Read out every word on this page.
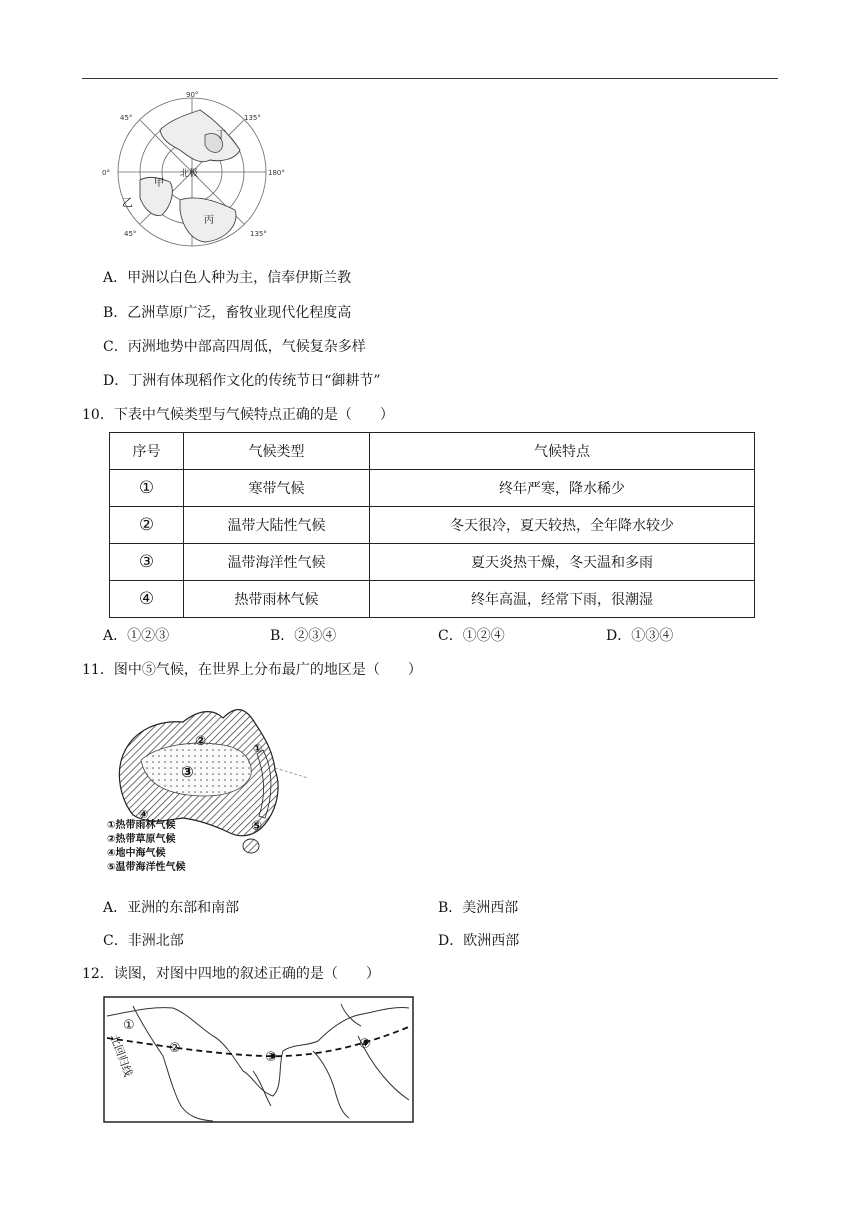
90°
45°	135°
0°	180°
45°	135°
丁
甲
乙
丙
北极
A．甲洲以白色人种为主，信奉伊斯兰教
B．乙洲草原广泛，畜牧业现代化程度高
C．丙洲地势中部高四周低，气候复杂多样
D．丁洲有体现稻作文化的传统节日“御耕节”
10．下表中气候类型与气候特点正确的是（　　）
序号	气候类型	气候特点
①	寒带气候	终年严寒，降水稀少
②	温带大陆性气候	冬天很冷，夏天较热，全年降水较少
③	温带海洋性气候	夏天炎热干燥，冬天温和多雨
④	热带雨林气候	终年高温，经常下雨，很潮湿
A．①②③	B．②③④	C．①②④	D．①③④
11．图中⑤气候，在世界上分布最广的地区是（　　）
②	①
③
④
⑤
①热带雨林气候
②热带草原气候
④地中海气候
⑤温带海洋性气候
A．亚洲的东部和南部	B．美洲西部
C．非洲北部	D．欧洲西部
12．读图，对图中四地的叙述正确的是（　　）
①
②
③
④
北回归线
